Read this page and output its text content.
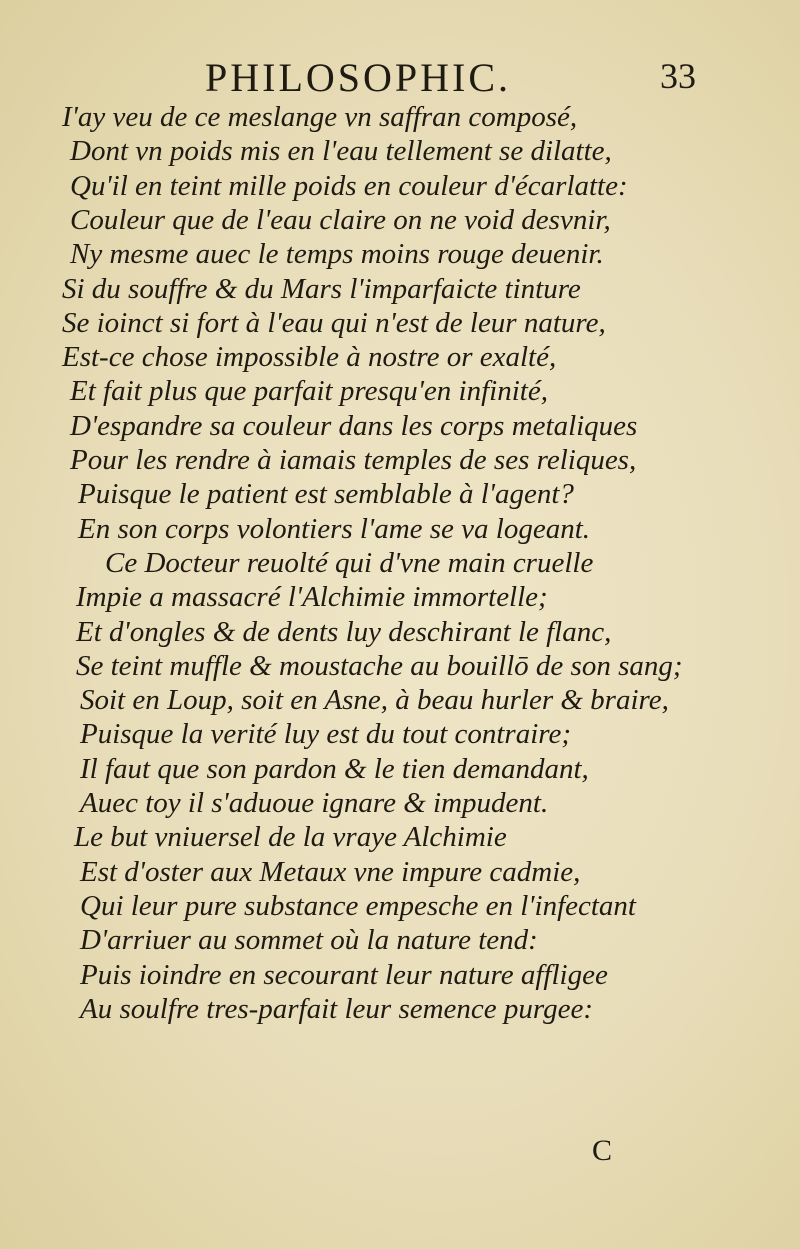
PHILOSOPHIC.	33
I'ay veu de ce meslange vn saffran composé,
Dont vn poids mis en l'eau tellement se dilatte,
Qu'il en teint mille poids en couleur d'écarlatte:
Couleur que de l'eau claire on ne void desvnir,
Ny mesme auec le temps moins rouge deuenir.
Si du souffre & du Mars l'imparfaicte tinture
Se ioinct si fort à l'eau qui n'est de leur nature,
Est-ce chose impossible à nostre or exalté,
Et fait plus que parfait presqu'en infinité,
D'espandre sa couleur dans les corps metaliques
Pour les rendre à iamais temples de ses reliques,
Puisque le patient est semblable à l'agent?
En son corps volontiers l'ame se va logeant.
Ce Docteur reuolté qui d'vne main cruelle
Impie a massacré l'Alchimie immortelle;
Et d'ongles & de dents luy deschirant le flanc,
Se teint muffle & moustache au bouillō de son sang;
Soit en Loup, soit en Asne, à beau hurler & braire,
Puisque la verité luy est du tout contraire;
Il faut que son pardon & le tien demandant,
Auec toy il s'aduoue ignare & impudent.
Le but vniuersel de la vraye Alchimie
Est d'oster aux Metaux vne impure cadmie,
Qui leur pure substance empesche en l'infectant
D'arriuer au sommet où la nature tend:
Puis ioindre en secourant leur nature affligee
Au soulfre tres-parfait leur semence purgee:
C
